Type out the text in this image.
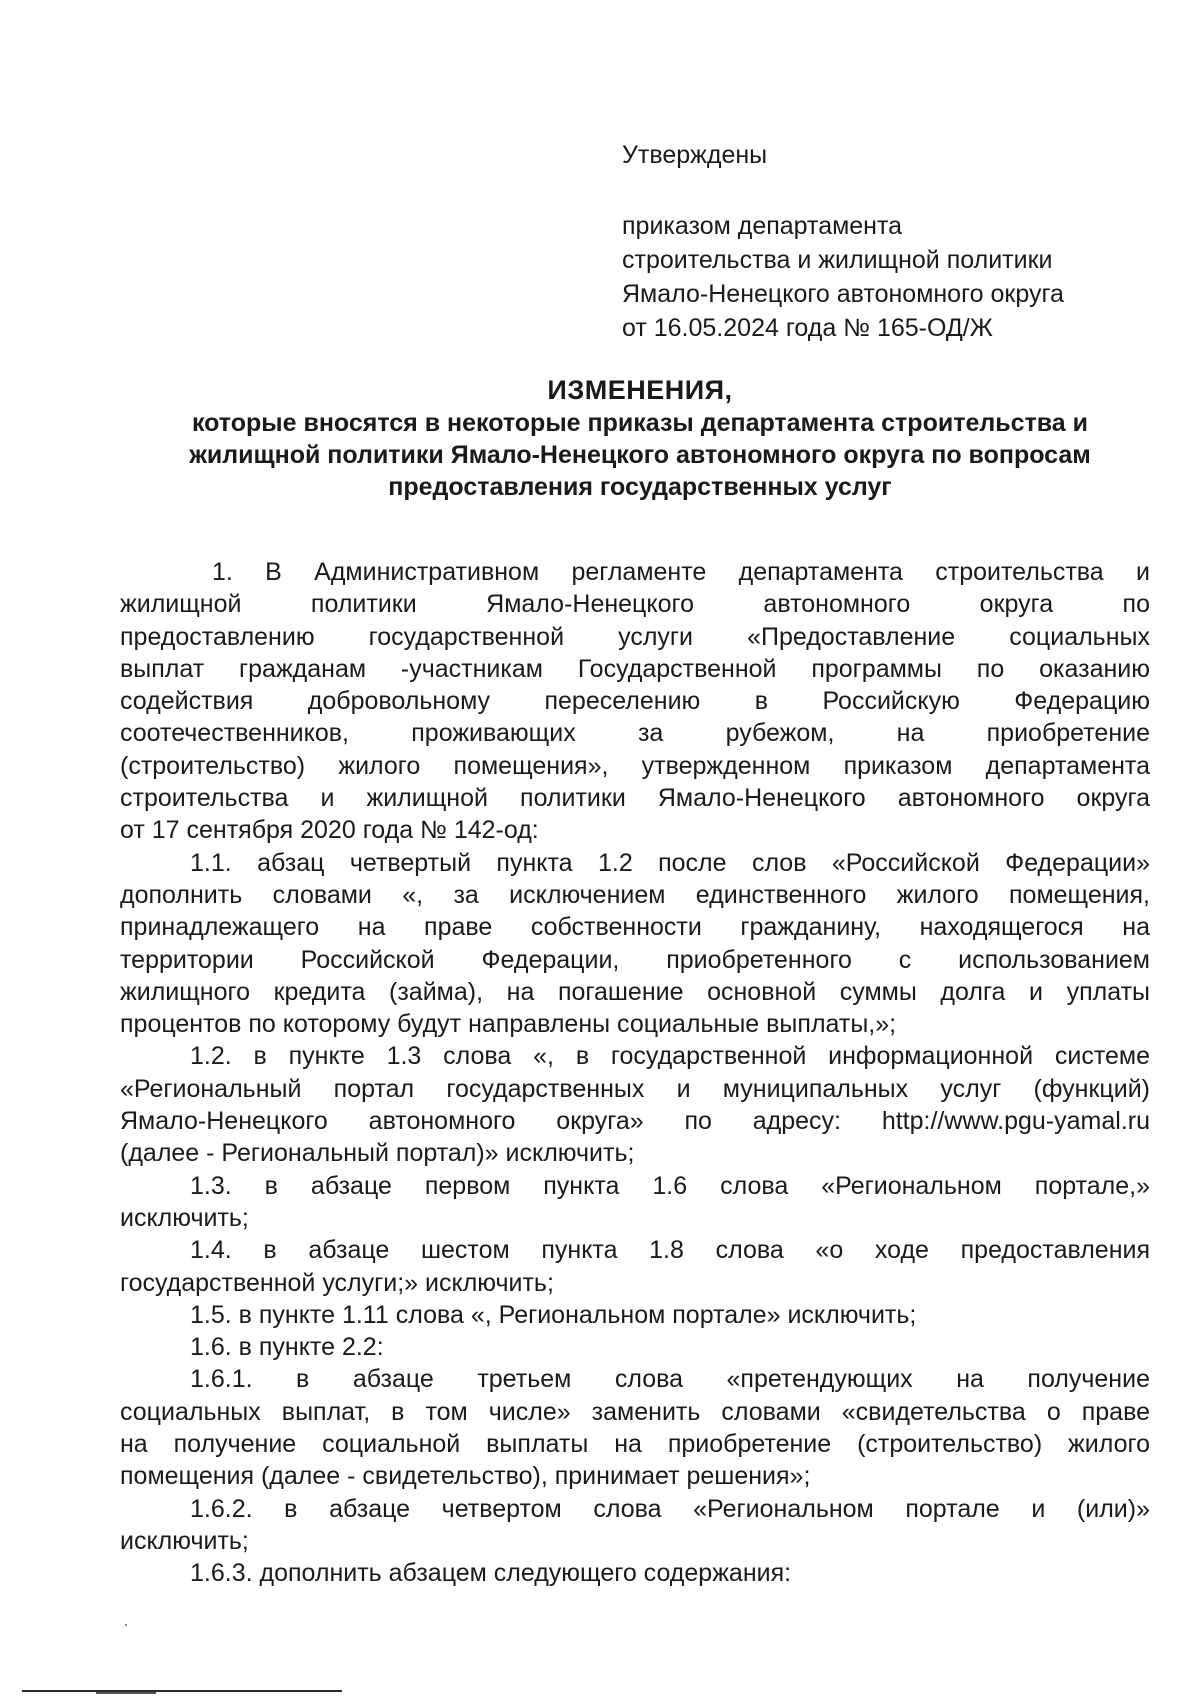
Утверждены
приказом департамента
строительства и жилищной политики
Ямало-Ненецкого автономного округа
от 16.05.2024 года № 165-ОД/Ж
ИЗМЕНЕНИЯ,
которые вносятся в некоторые приказы департамента строительства и
жилищной политики Ямало-Ненецкого автономного округа по вопросам
предоставления государственных услуг
1. В Административном регламенте департамента строительства и
жилищной политики Ямало-Ненецкого автономного округа по
предоставлению государственной услуги «Предоставление социальных
выплат гражданам -участникам Государственной программы по оказанию
содействия добровольному переселению в Российскую Федерацию
соотечественников, проживающих за рубежом, на приобретение
(строительство) жилого помещения», утвержденном приказом департамента
строительства и жилищной политики Ямало-Ненецкого автономного округа
от 17 сентября 2020 года № 142-од:
1.1. абзац четвертый пункта 1.2 после слов «Российской Федерации»
дополнить словами «, за исключением единственного жилого помещения,
принадлежащего на праве собственности гражданину, находящегося на
территории Российской Федерации, приобретенного с использованием
жилищного кредита (займа), на погашение основной суммы долга и уплаты
процентов по которому будут направлены социальные выплаты,»;
1.2. в пункте 1.3 слова «, в государственной информационной системе
«Региональный портал государственных и муниципальных услуг (функций)
Ямало-Ненецкого автономного округа» по адресу: http://www.pgu-yamal.ru
(далее - Региональный портал)» исключить;
1.3. в абзаце первом пункта 1.6 слова «Региональном портале,»
исключить;
1.4. в абзаце шестом пункта 1.8 слова «о ходе предоставления
государственной услуги;» исключить;
1.5. в пункте 1.11 слова «, Региональном портале» исключить;
1.6. в пункте 2.2:
1.6.1. в абзаце третьем слова «претендующих на получение
социальных выплат, в том числе» заменить словами «свидетельства о праве
на получение социальной выплаты на приобретение (строительство) жилого
помещения (далее - свидетельство), принимает решения»;
1.6.2. в абзаце четвертом слова «Региональном портале и (или)»
исключить;
1.6.3. дополнить абзацем следующего содержания:
